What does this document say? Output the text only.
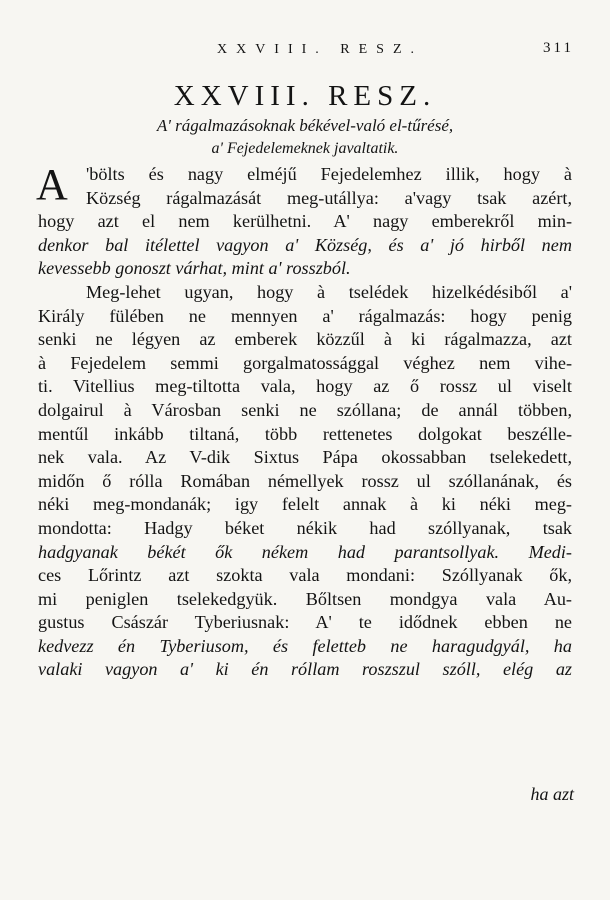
XXVIII. RESZ.	311
XXVIII. RESZ.
A' rágalmazásoknak békével-való el-tűrésé,
a' Fejedelemeknek javaltatik.
A 'bölts és nagy elméjű Fejedelemhez illik, hogy à
Község rágalmazását meg-utállya: a'vagy tsak azért,
hogy azt el nem kerülhetni. A' nagy emberekről min-
denkor bal itélettel vagyon a' Község, és a' jó hirből nem
kevessebb gonoszt várhat, mint a' rosszból.
Meg-lehet ugyan, hogy à tselédek hizelkédésiből a'
Király fülében ne mennyen a' rágalmazás: hogy penig
senki ne légyen az emberek közzűl à ki rágalmazza, azt
à Fejedelem semmi gorgalmatossággal véghez nem vihe-
ti. Vitellius meg-tiltotta vala, hogy az ő rossz ul viselt
dolgairul à Városban senki ne szóllana; de annál többen,
mentűl inkább tiltaná, több rettenetes dolgokat beszélle-
nek vala. Az V-dik Sixtus Pápa okossabban tselekedett,
midőn ő rólla Romában némellyek rossz ul szóllanának, és
néki meg-mondanák; igy felelt annak à ki néki meg-
mondotta: Hadgy béket nékik had szóllyanak, tsak
hadgyanak békét ők nékem had parantsollyak. Medi-
ces Lőrintz azt szokta vala mondani: Szóllyanak ők,
mi peniglen tselekedgyük. Bőltsen mondgya vala Au-
gustus Császár Tyberiusnak: A' te idődnek ebben ne
kedvezz én Tyberiusom, és feletteb ne haragudgyál, ha
valaki vagyon a' ki én róllam roszszul szóll, elég az
ha azt
